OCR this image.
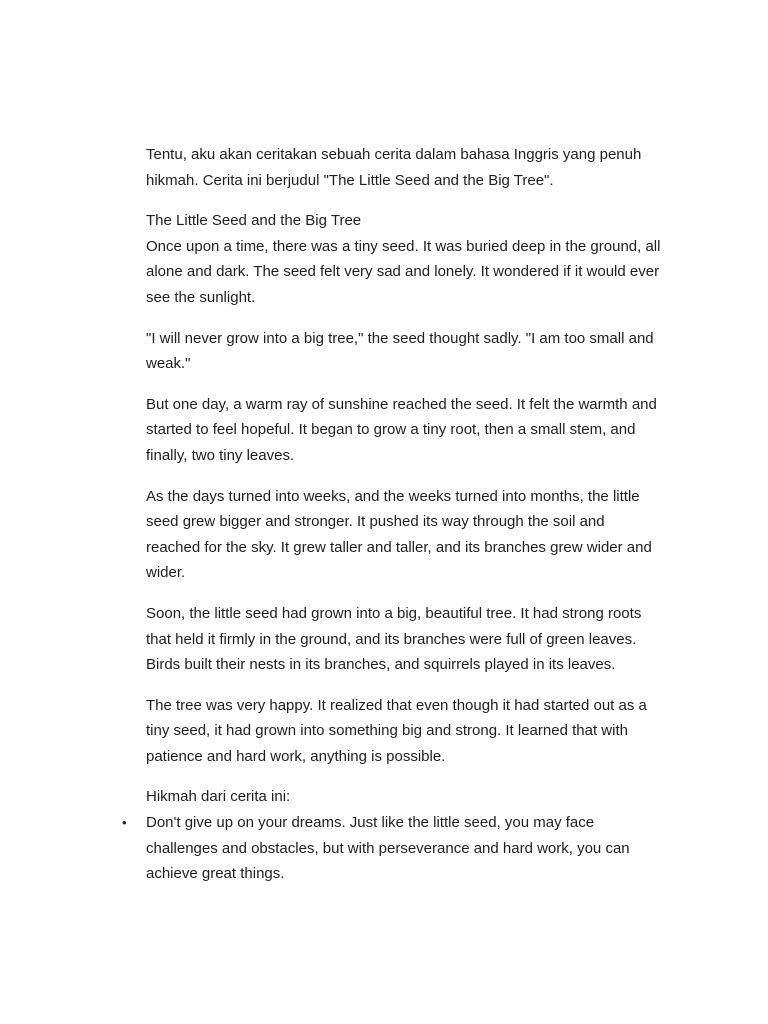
Tentu, aku akan ceritakan sebuah cerita dalam bahasa Inggris yang penuh hikmah. Cerita ini berjudul "The Little Seed and the Big Tree".

The Little Seed and the Big Tree

Once upon a time, there was a tiny seed. It was buried deep in the ground, all alone and dark. The seed felt very sad and lonely. It wondered if it would ever see the sunlight.

"I will never grow into a big tree," the seed thought sadly. "I am too small and weak."

But one day, a warm ray of sunshine reached the seed. It felt the warmth and started to feel hopeful. It began to grow a tiny root, then a small stem, and finally, two tiny leaves.

As the days turned into weeks, and the weeks turned into months, the little seed grew bigger and stronger. It pushed its way through the soil and reached for the sky. It grew taller and taller, and its branches grew wider and wider.

Soon, the little seed had grown into a big, beautiful tree. It had strong roots that held it firmly in the ground, and its branches were full of green leaves. Birds built their nests in its branches, and squirrels played in its leaves.

The tree was very happy. It realized that even though it had started out as a tiny seed, it had grown into something big and strong. It learned that with patience and hard work, anything is possible.

Hikmah dari cerita ini:

• Don't give up on your dreams. Just like the little seed, you may face challenges and obstacles, but with perseverance and hard work, you can achieve great things.
